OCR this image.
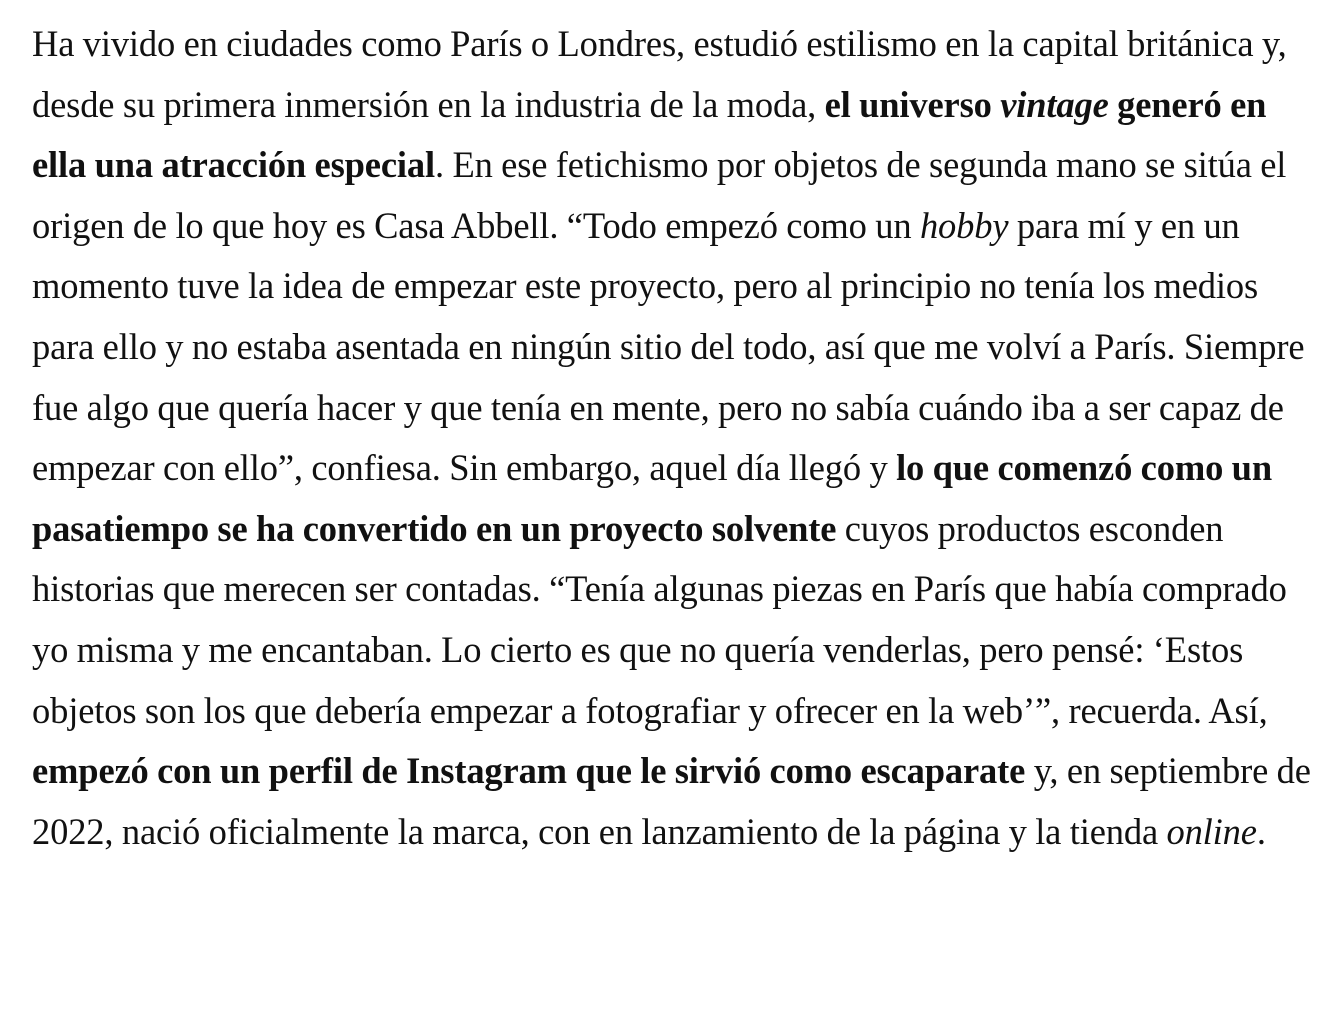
Ha vivido en ciudades como París o Londres, estudió estilismo en la capital británica y, desde su primera inmersión en la industria de la moda, el universo vintage generó en ella una atracción especial. En ese fetichismo por objetos de segunda mano se sitúa el origen de lo que hoy es Casa Abbell. “Todo empezó como un hobby para mí y en un momento tuve la idea de empezar este proyecto, pero al principio no tenía los medios para ello y no estaba asentada en ningún sitio del todo, así que me volví a París. Siempre fue algo que quería hacer y que tenía en mente, pero no sabía cuándo iba a ser capaz de empezar con ello”, confiesa. Sin embargo, aquel día llegó y lo que comenzó como un pasatiempo se ha convertido en un proyecto solvente cuyos productos esconden historias que merecen ser contadas. “Tenía algunas piezas en París que había comprado yo misma y me encantaban. Lo cierto es que no quería venderlas, pero pensé: ‘Estos objetos son los que debería empezar a fotografiar y ofrecer en la web’”, recuerda. Así, empezó con un perfil de Instagram que le sirvió como escaparate y, en septiembre de 2022, nació oficialmente la marca, con en lanzamiento de la página y la tienda online.
